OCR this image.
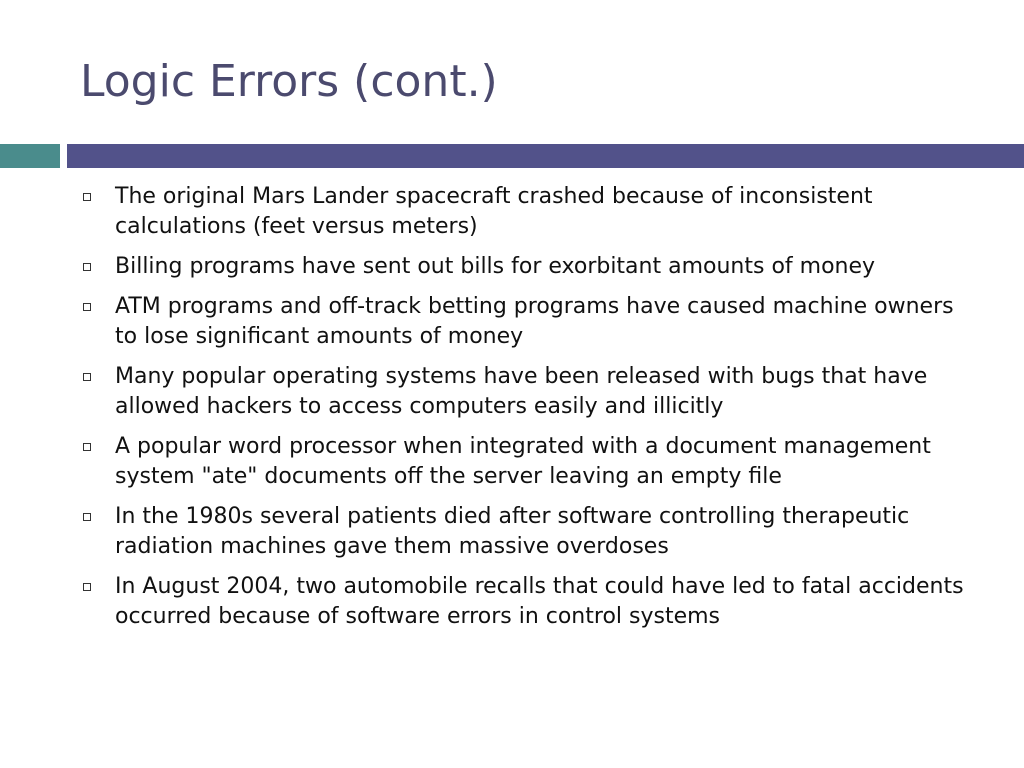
Logic Errors (cont.)
The original Mars Lander spacecraft crashed because of inconsistent calculations (feet versus meters)
Billing programs have sent out bills for exorbitant amounts of money
ATM programs and off-track betting programs have caused machine owners to lose significant amounts of money
Many popular operating systems have been released with bugs that have allowed hackers to access computers easily and illicitly
A popular word processor when integrated with a document management system "ate" documents off the server leaving an empty file
In the 1980s several patients died after software controlling therapeutic radiation machines gave them massive overdoses
In August 2004, two automobile recalls that could have led to fatal accidents occurred because of software errors in control systems
